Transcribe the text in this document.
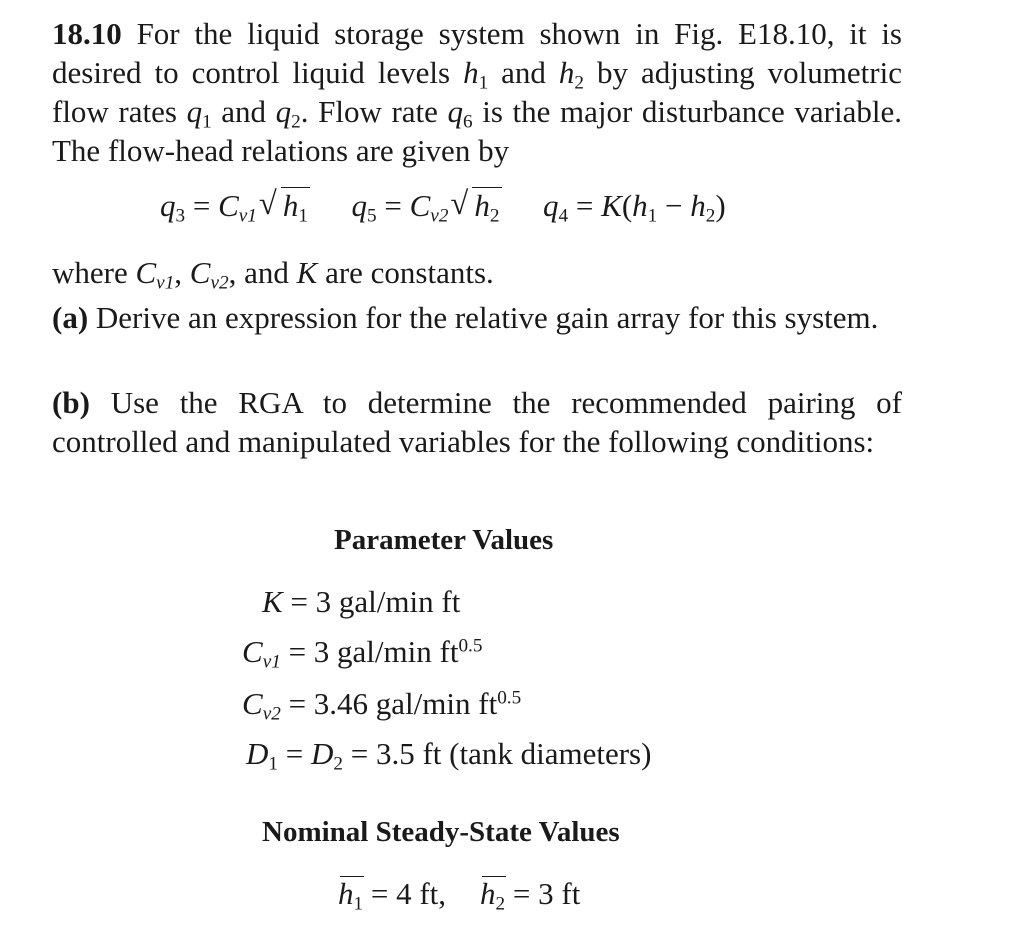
18.10 For the liquid storage system shown in Fig. E18.10, it is desired to control liquid levels $h_1$ and $h_2$ by adjusting volumetric flow rates $q_1$ and $q_2$. Flow rate $q_6$ is the major disturbance variable. The flow-head relations are given by

$q_3 = C_{v1}$ √ $h_1$ $q_5 = C_{v2}$ √ $h_2$ $q_4 = K(h_1 - h_2)$

where $C_{v1}$, $C_{v2}$, and K are constants.

(a) Derive an expression for the relative gain array for this system.

(b) Use the RGA to determine the recommended pairing of controlled and manipulated variables for the following conditions:

Parameter Values

K = 3 gal/min ft
$C_{v1} = 3$ gal/min $ft^{0.5}$
$C_{v2} = 3.46$ gal/min $ft^{0.5}$
$D_1 = D_2 = 3.5$ ft (tank diameters)

Nominal Steady-State Values

$h_1 = 4$ ft, $h_2 = 3$ ft
